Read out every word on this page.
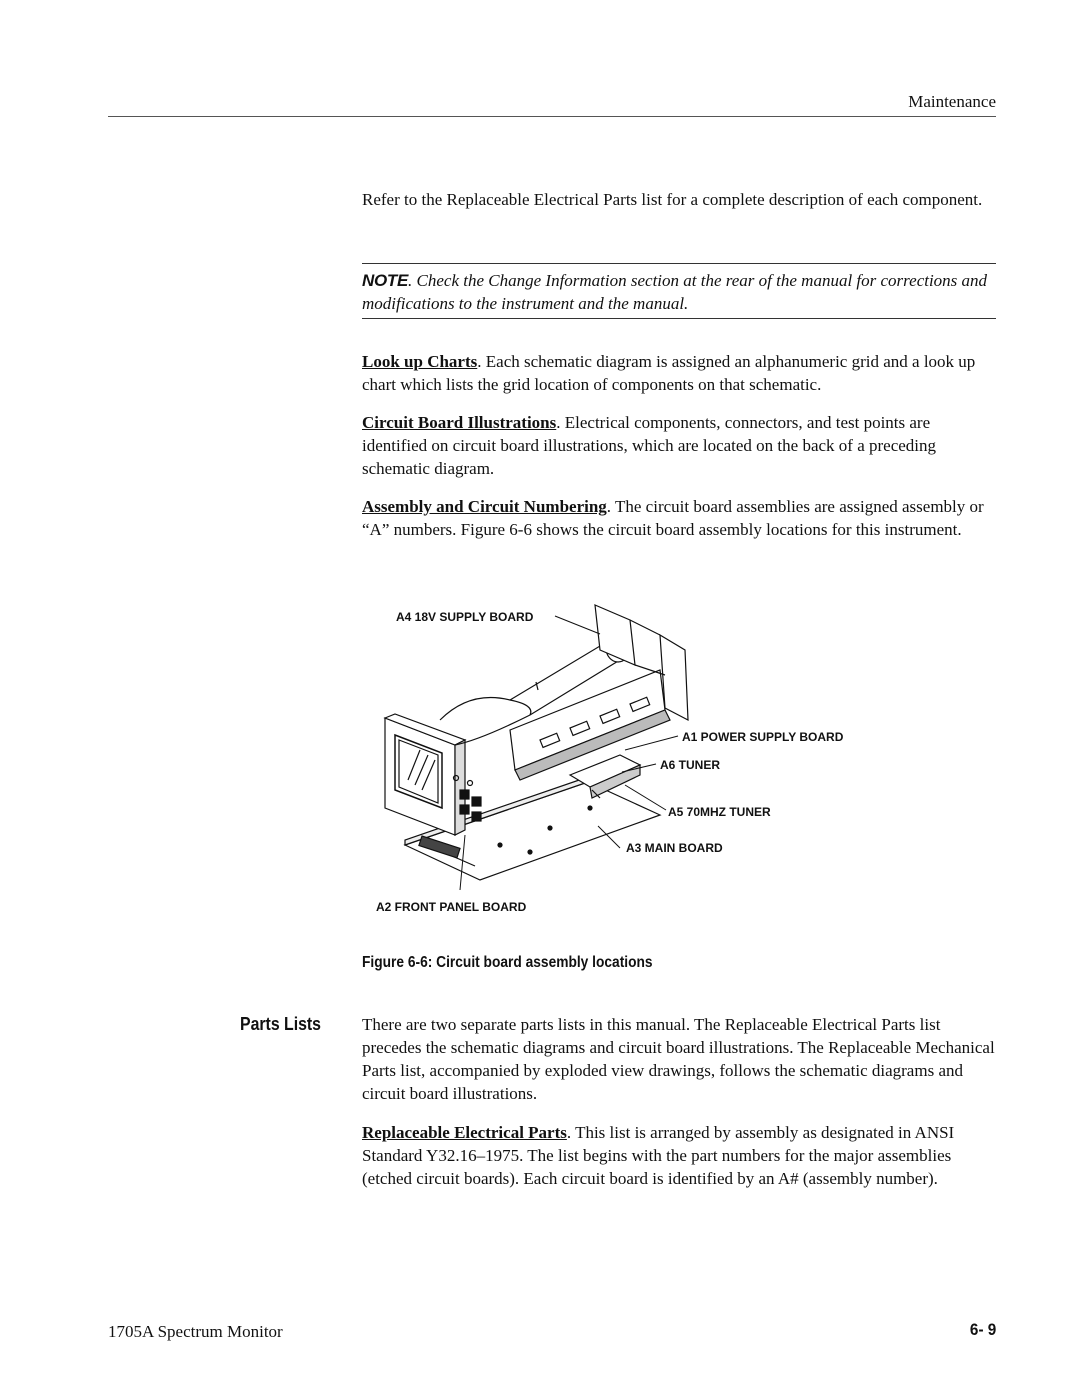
Maintenance
Refer to the Replaceable Electrical Parts list for a complete description of each component.
NOTE. Check the Change Information section at the rear of the manual for corrections and modifications to the instrument and the manual.
Look up Charts. Each schematic diagram is assigned an alphanumeric grid and a look up chart which lists the grid location of components on that schematic.
Circuit Board Illustrations. Electrical components, connectors, and test points are identified on circuit board illustrations, which are located on the back of a preceding schematic diagram.
Assembly and Circuit Numbering. The circuit board assemblies are assigned assembly or “A” numbers. Figure 6-6 shows the circuit board assembly locations for this instrument.
A4 18V SUPPLY BOARD
A1 POWER SUPPLY BOARD
A6 TUNER
A5 70MHZ TUNER
A3 MAIN BOARD
A2 FRONT PANEL BOARD
Figure 6-6: Circuit board assembly locations
Parts Lists There are two separate parts lists in this manual. The Replaceable Electrical Parts list precedes the schematic diagrams and circuit board illustrations. The Replaceable Mechanical Parts list, accompanied by exploded view drawings, follows the schematic diagrams and circuit board illustrations.
Replaceable Electrical Parts. This list is arranged by assembly as designated in ANSI Standard Y32.16–1975. The list begins with the part numbers for the major assemblies (etched circuit boards). Each circuit board is identified by an A# (assembly number).
1705A Spectrum Monitor	6- 9
